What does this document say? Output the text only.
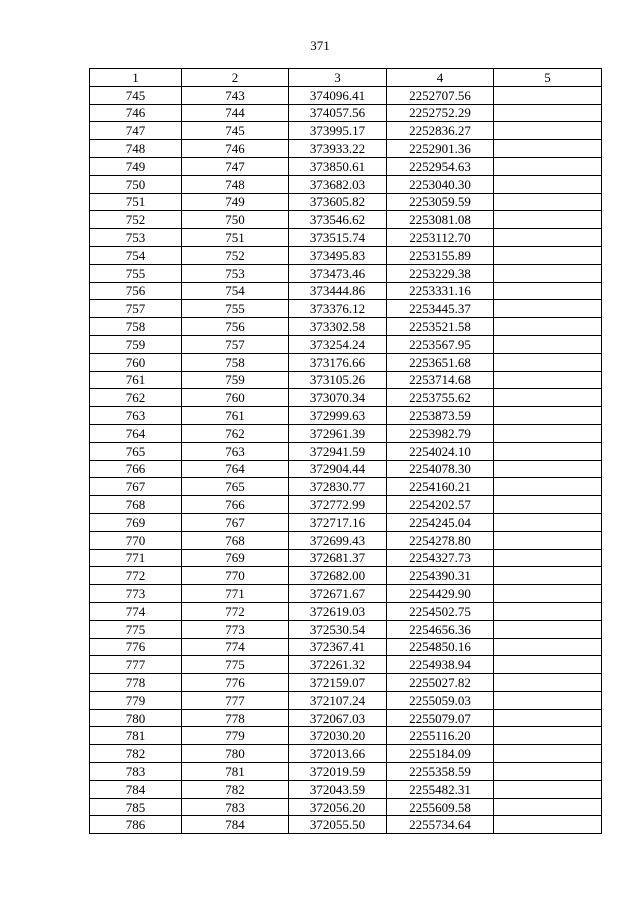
371
1	2	3	4	5
745	743	374096.41	2252707.56	
746	744	374057.56	2252752.29	
747	745	373995.17	2252836.27	
748	746	373933.22	2252901.36	
749	747	373850.61	2252954.63	
750	748	373682.03	2253040.30	
751	749	373605.82	2253059.59	
752	750	373546.62	2253081.08	
753	751	373515.74	2253112.70	
754	752	373495.83	2253155.89	
755	753	373473.46	2253229.38	
756	754	373444.86	2253331.16	
757	755	373376.12	2253445.37	
758	756	373302.58	2253521.58	
759	757	373254.24	2253567.95	
760	758	373176.66	2253651.68	
761	759	373105.26	2253714.68	
762	760	373070.34	2253755.62	
763	761	372999.63	2253873.59	
764	762	372961.39	2253982.79	
765	763	372941.59	2254024.10	
766	764	372904.44	2254078.30	
767	765	372830.77	2254160.21	
768	766	372772.99	2254202.57	
769	767	372717.16	2254245.04	
770	768	372699.43	2254278.80	
771	769	372681.37	2254327.73	
772	770	372682.00	2254390.31	
773	771	372671.67	2254429.90	
774	772	372619.03	2254502.75	
775	773	372530.54	2254656.36	
776	774	372367.41	2254850.16	
777	775	372261.32	2254938.94	
778	776	372159.07	2255027.82	
779	777	372107.24	2255059.03	
780	778	372067.03	2255079.07	
781	779	372030.20	2255116.20	
782	780	372013.66	2255184.09	
783	781	372019.59	2255358.59	
784	782	372043.59	2255482.31	
785	783	372056.20	2255609.58	
786	784	372055.50	2255734.64	
